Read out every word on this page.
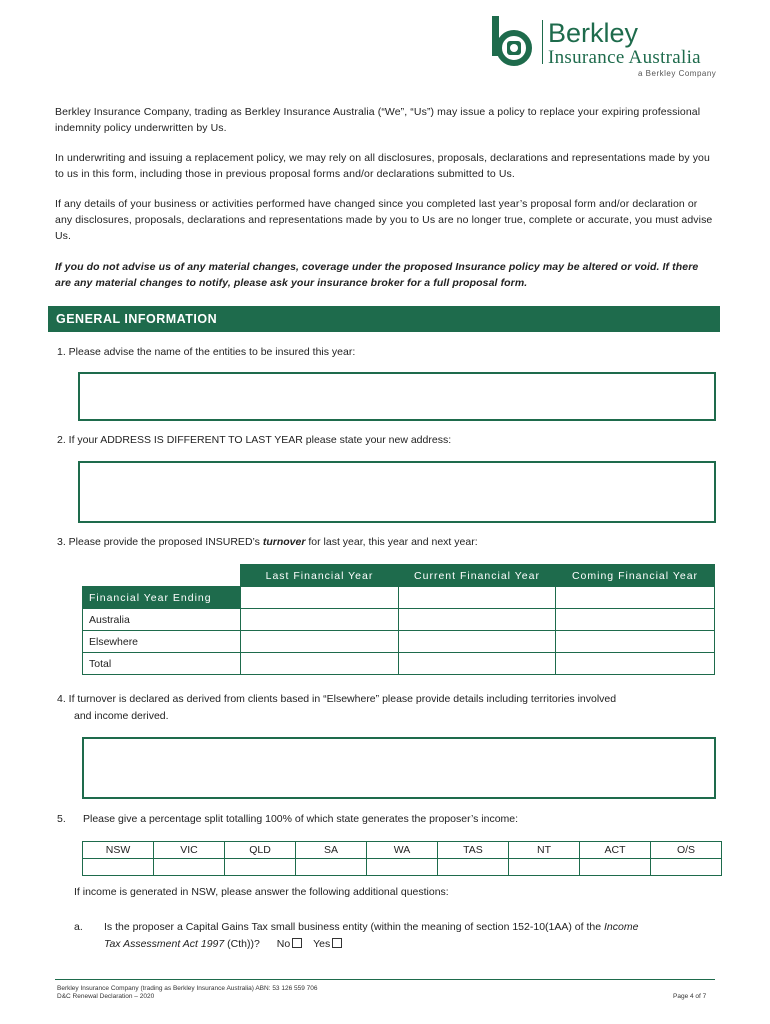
Berkley
Insurance Australia
a Berkley Company

Berkley Insurance Company, trading as Berkley Insurance Australia (“We”, “Us”) may issue a policy to replace your expiring professional indemnity policy underwritten by Us.

In underwriting and issuing a replacement policy, we may rely on all disclosures, proposals, declarations and representations made by you to us in this form, including those in previous proposal forms and/or declarations submitted to Us.

If any details of your business or activities performed have changed since you completed last year’s proposal form and/or declaration or any disclosures, proposals, declarations and representations made by you to Us are no longer true, complete or accurate, you must advise Us.

If you do not advise us of any material changes, coverage under the proposed Insurance policy may be altered or void. If there are any material changes to notify, please ask your insurance broker for a full proposal form.

GENERAL INFORMATION

1. Please advise the name of the entities to be insured this year:

2. If your ADDRESS IS DIFFERENT TO LAST YEAR please state your new address:

3. Please provide the proposed INSURED’s turnover for last year, this year and next year:

	Last Financial Year	Current Financial Year	Coming Financial Year
Financial Year Ending			
Australia			
Elsewhere			
Total			

4. If turnover is declared as derived from clients based in “Elsewhere” please provide details including territories involved

and income derived.

5. Please give a percentage split totalling 100% of which state generates the proposer’s income:

NSW	VIC	QLD	SA	WA	TAS	NT	ACT	O/S

If income is generated in NSW, please answer the following additional questions:

a. Is the proposer a Capital Gains Tax small business entity (within the meaning of section 152-10(1AA) of the Income

Tax Assessment Act 1997 (Cth))? No Yes

Berkley Insurance Company (trading as Berkley Insurance Australia) ABN: 53 126 559 706
D&C Renewal Declaration – 2020	Page 4 of 7
